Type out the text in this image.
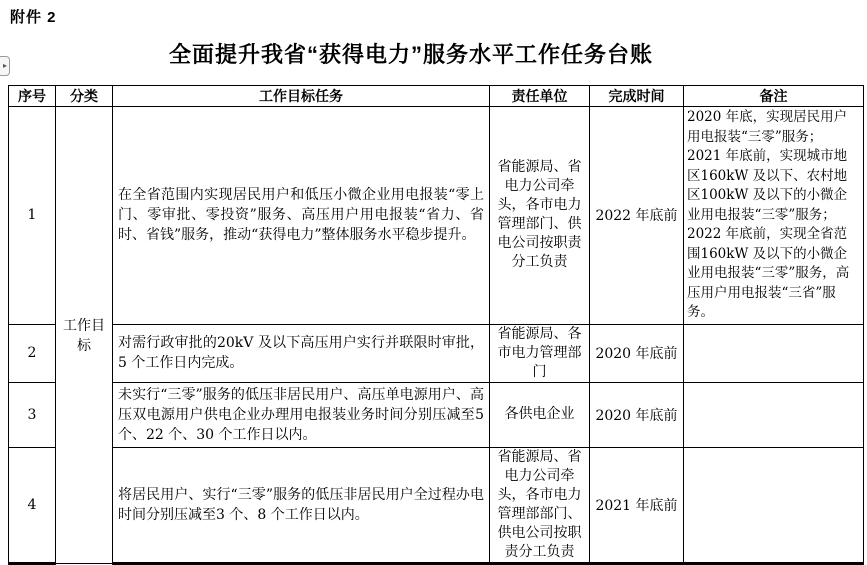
附件 2
▸	全面提升我省“获得电力”服务水平工作任务台账
序号	分类	工作目标任务	责任单位	完成时间	备注
1	工作目标	在全省范围内实现居民用户和低压小微企业用电报装“零上门、零审批、零投资”服务、高压用户用电报装“省力、省时、省钱”服务，推动“获得电力”整体服务水平稳步提升。	省能源局、省电力公司牵头，各市电力管理部门、供电公司按职责分工负责	2022 年底前	2020 年底，实现居民用户用电报装“三零”服务；
2021 年底前，实现城市地区160kW 及以下、农村地区100kW 及以下的小微企业用电报装“三零”服务；
2022 年底前，实现全省范围160kW 及以下的小微企业用电报装“三零”服务，高压用户用电报装“三省”服务。

2		对需行政审批的20kV 及以下高压用户实行并联限时审批，5 个工作日内完成。	省能源局、各市电力管理部门	2020 年底前	
3		未实行“三零”服务的低压非居民用户、高压单电源用户、高压双电源用户供电企业办理用电报装业务时间分别压减至5 个、22 个、30 个工作日以内。	各供电企业	2020 年底前	
4		将居民用户、实行“三零”服务的低压非居民用户全过程办电时间分别压减至3 个、8 个工作日以内。	省能源局、省电力公司牵头，各市电力管理部部门、供电公司按职责分工负责	2021 年底前	
